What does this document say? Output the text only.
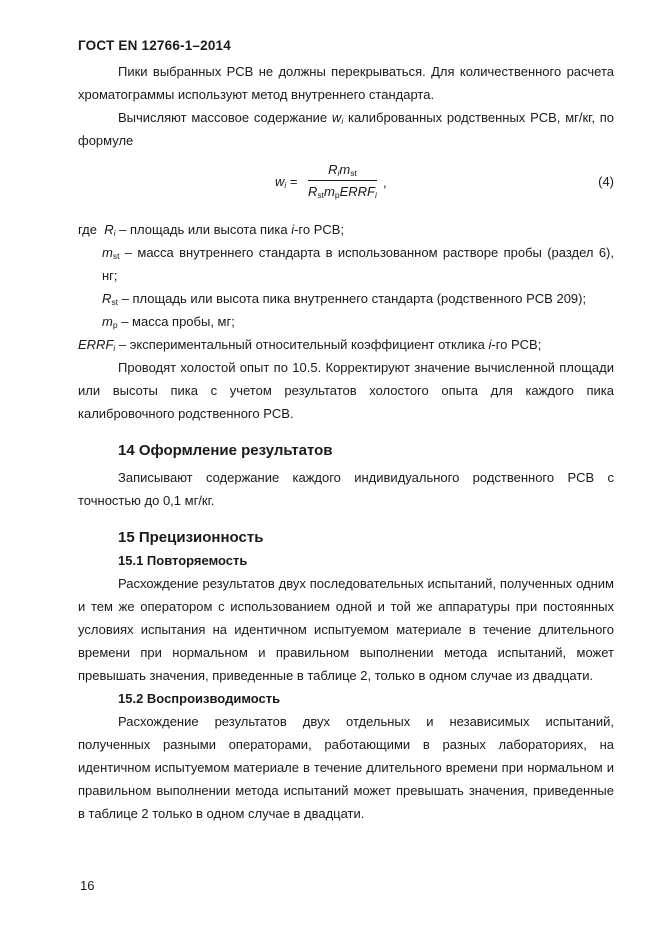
ГОСТ EN 12766-1–2014

Пики выбранных PCB не должны перекрываться. Для количественного расчета хроматограммы используют метод внутреннего стандарта.

Вычисляют массовое содержание $w_i$ калиброванных родственных PCB, мг/кг, по формуле

$w_i$ =
$R_im_{st}$
$R_{st}m_pERRF_i$
,	(4)

где $R_i$ – площадь или высота пика i-го PCB;

$m_{st}$ – масса внутреннего стандарта в использованном растворе пробы (раздел 6), нг;

$R_{st}$ – площадь или высота пика внутреннего стандарта (родственного PCB 209);

$m_p$ – масса пробы, мг;

$ERRF_i$ – экспериментальный относительный коэффициент отклика i-го PCB;

Проводят холостой опыт по 10.5. Корректируют значение вычисленной площади или высоты пика с учетом результатов холостого опыта для каждого пика калибровочного родственного PCB.

14 Оформление результатов

Записывают содержание каждого индивидуального родственного PCB с точностью до 0,1 мг/кг.

15 Прецизионность
15.1 Повторяемость

Расхождение результатов двух последовательных испытаний, полученных одним и тем же оператором с использованием одной и той же аппаратуры при постоянных условиях испытания на идентичном испытуемом материале в течение длительного времени при нормальном и правильном выполнении метода испытаний, может превышать значения, приведенные в таблице 2, только в одном случае из двадцати.

15.2 Воспроизводимость

Расхождение результатов двух отдельных и независимых испытаний, полученных разными операторами, работающими в разных лабораториях, на идентичном испытуемом материале в течение длительного времени при нормальном и правильном выполнении метода испытаний может превышать значения, приведенные в таблице 2 только в одном случае в двадцати.

16
